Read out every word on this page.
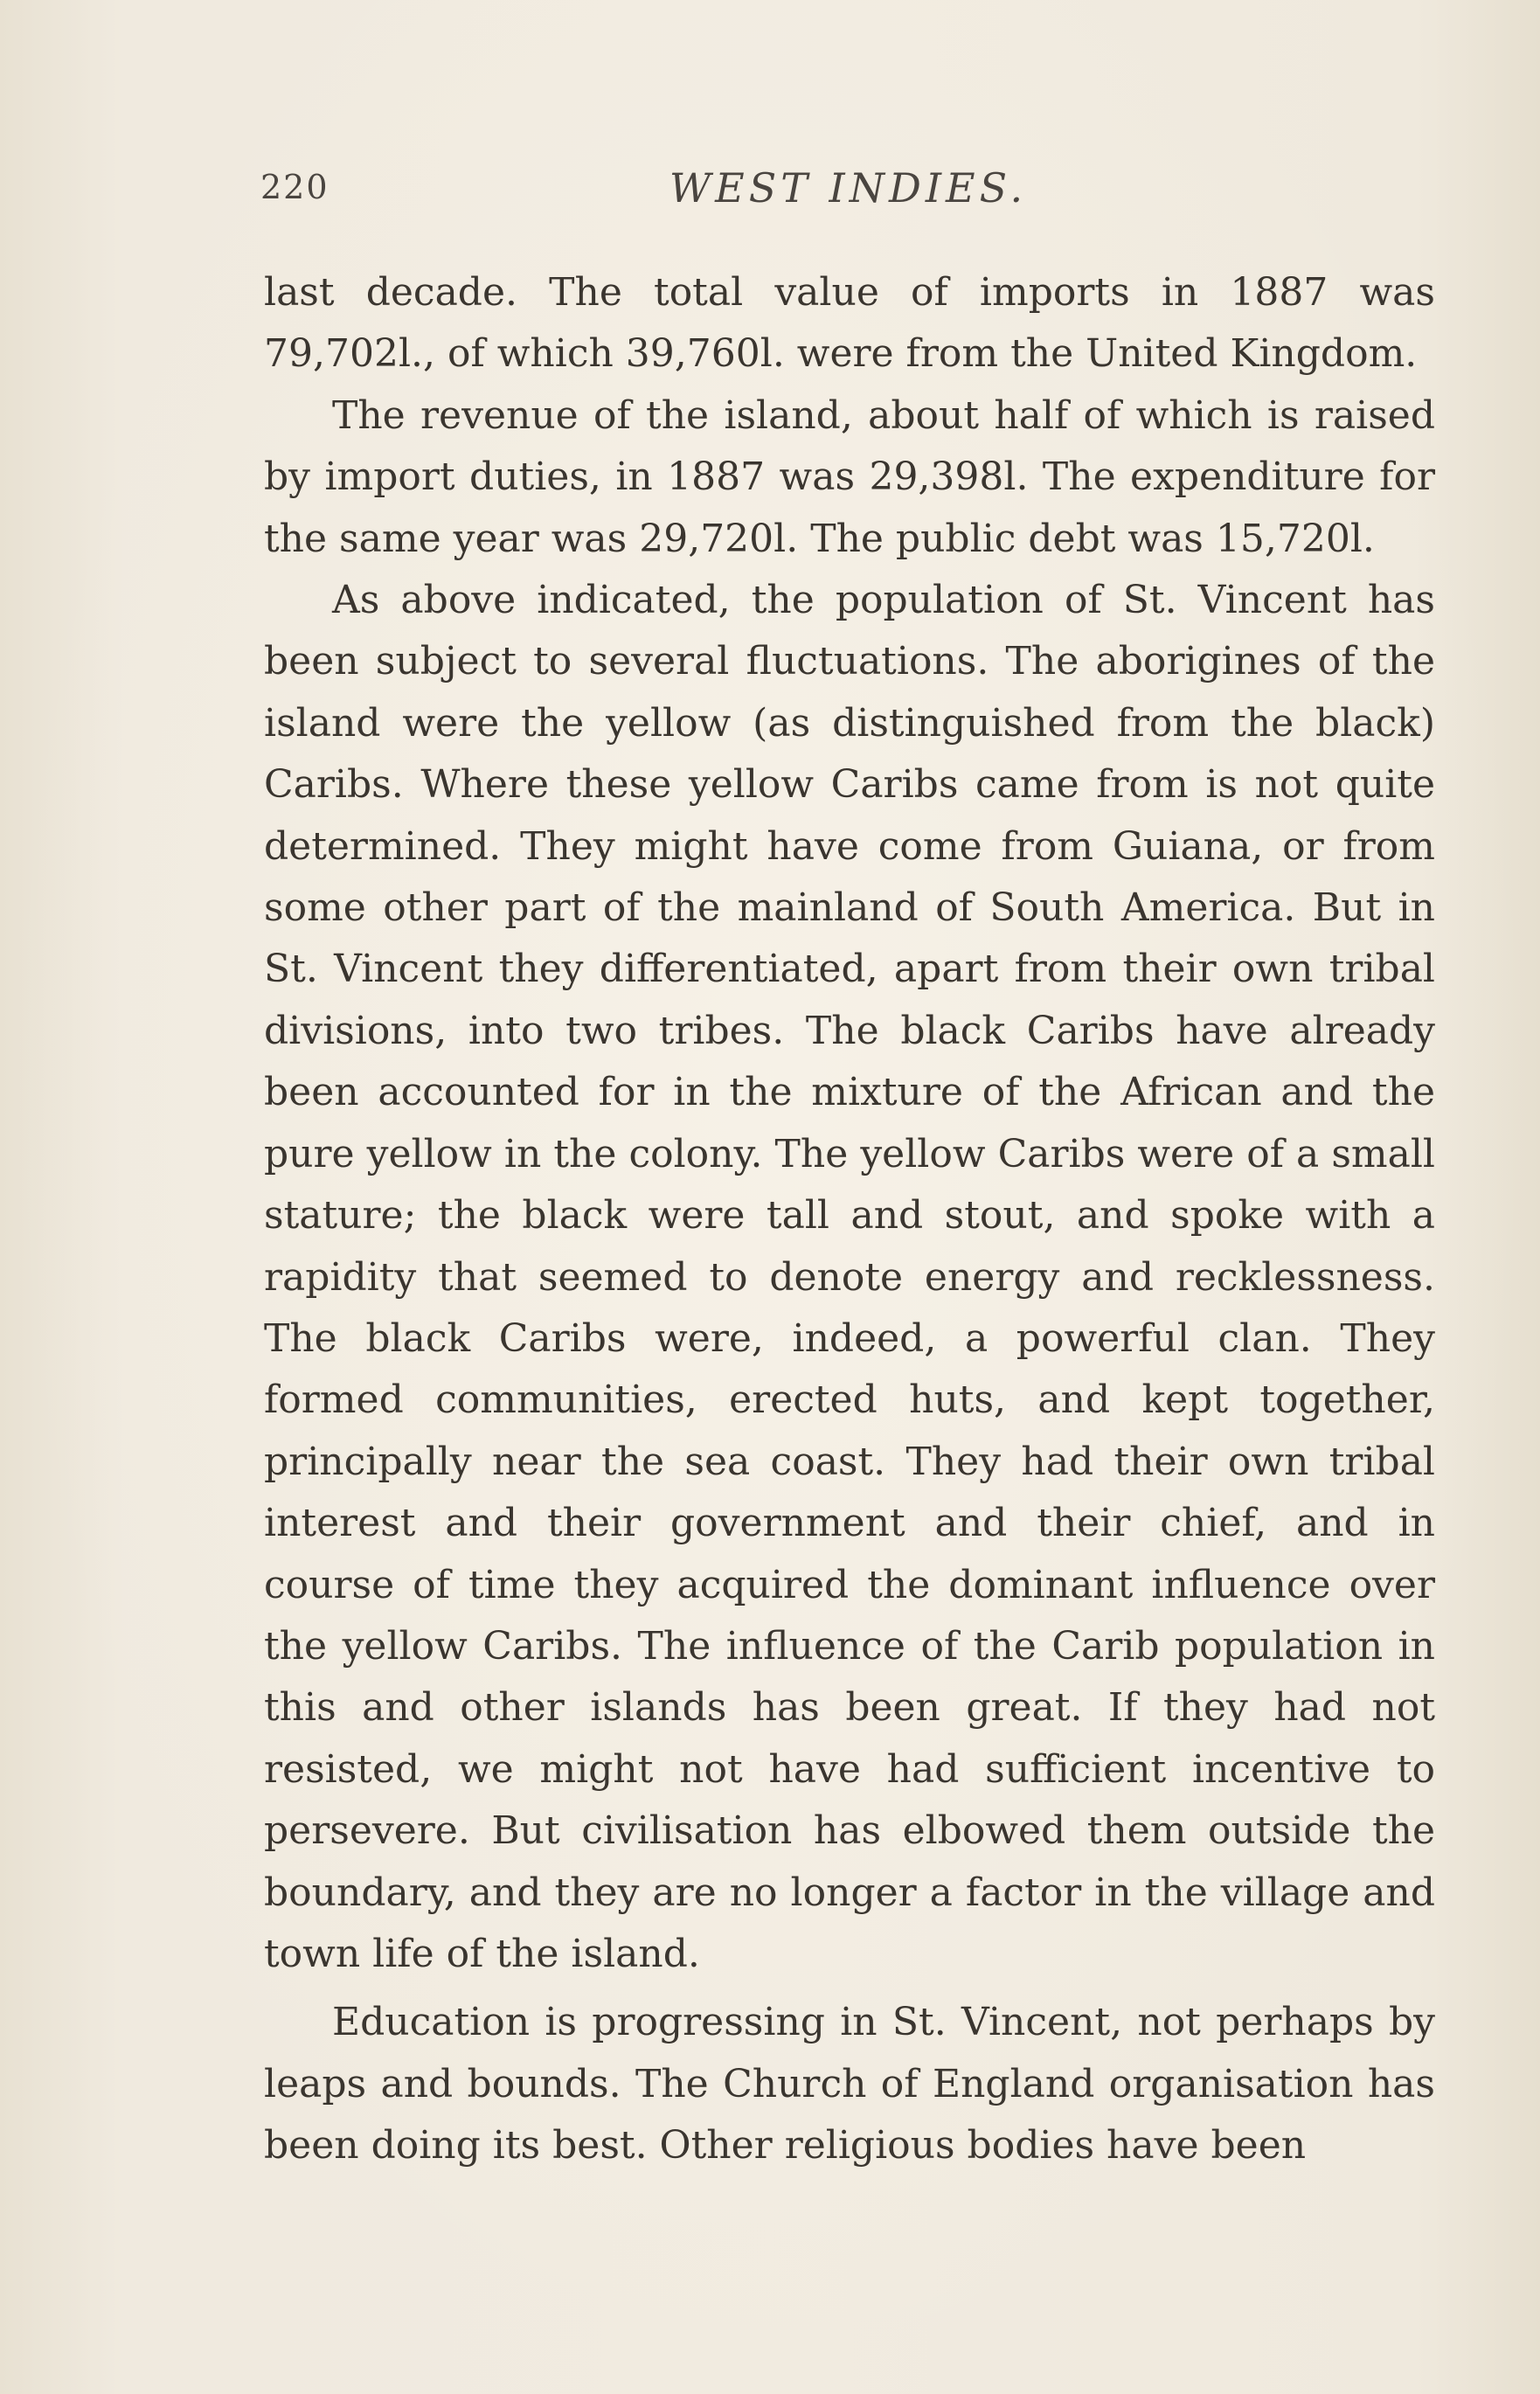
220	WEST INDIES.

last decade. The total value of imports in 1887 was 79,702l., of which 39,760l. were from the United Kingdom.

The revenue of the island, about half of which is raised by import duties, in 1887 was 29,398l. The expenditure for the same year was 29,720l. The public debt was 15,720l.

As above indicated, the population of St. Vincent has been subject to several fluctuations. The aborigines of the island were the yellow (as distinguished from the black) Caribs. Where these yellow Caribs came from is not quite determined. They might have come from Guiana, or from some other part of the mainland of South America. But in St. Vincent they differentiated, apart from their own tribal divisions, into two tribes. The black Caribs have already been accounted for in the mixture of the African and the pure yellow in the colony. The yellow Caribs were of a small stature; the black were tall and stout, and spoke with a rapidity that seemed to denote energy and recklessness. The black Caribs were, indeed, a powerful clan. They formed communities, erected huts, and kept together, principally near the sea coast. They had their own tribal interest and their government and their chief, and in course of time they acquired the dominant influence over the yellow Caribs. The influence of the Carib population in this and other islands has been great. If they had not resisted, we might not have had sufficient incentive to persevere. But civilisation has elbowed them outside the boundary, and they are no longer a factor in the village and town life of the island.

Education is progressing in St. Vincent, not perhaps by leaps and bounds. The Church of England organisation has been doing its best. Other religious bodies have been
